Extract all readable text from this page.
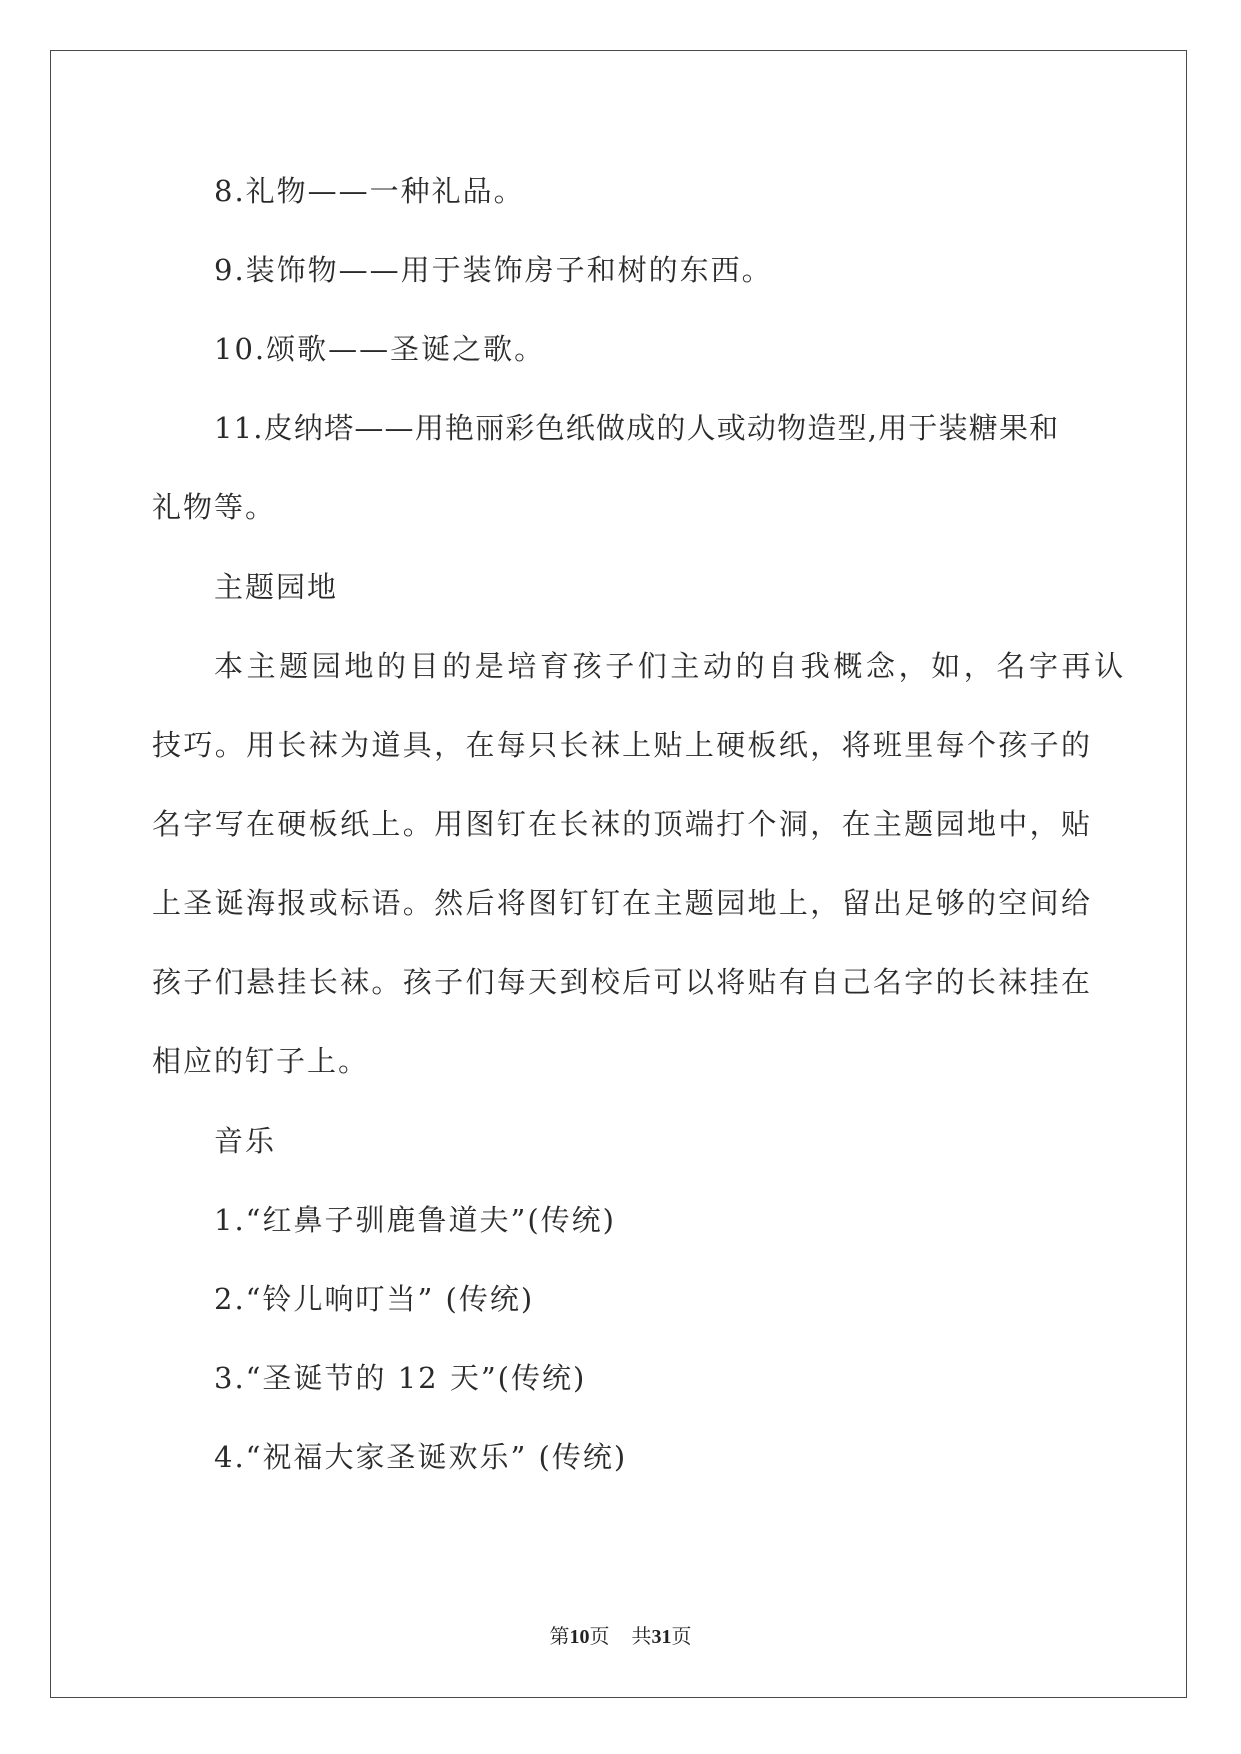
8.礼物——一种礼品。
9.装饰物——用于装饰房子和树的东西。
10.颂歌——圣诞之歌。
11.皮纳塔——用艳丽彩色纸做成的人或动物造型,用于装糖果和
礼物等。
主题园地
本主题园地的目的是培育孩子们主动的自我概念，如，名字再认
技巧。用长袜为道具，在每只长袜上贴上硬板纸，将班里每个孩子的
名字写在硬板纸上。用图钉在长袜的顶端打个洞，在主题园地中，贴
上圣诞海报或标语。然后将图钉钉在主题园地上，留出足够的空间给
孩子们悬挂长袜。孩子们每天到校后可以将贴有自己名字的长袜挂在
相应的钉子上。
音乐
1.“红鼻子驯鹿鲁道夫”(传统)
2.“铃儿响叮当” (传统)
3.“圣诞节的 12 天”(传统)
4.“祝福大家圣诞欢乐” (传统)
第10页 共31页
